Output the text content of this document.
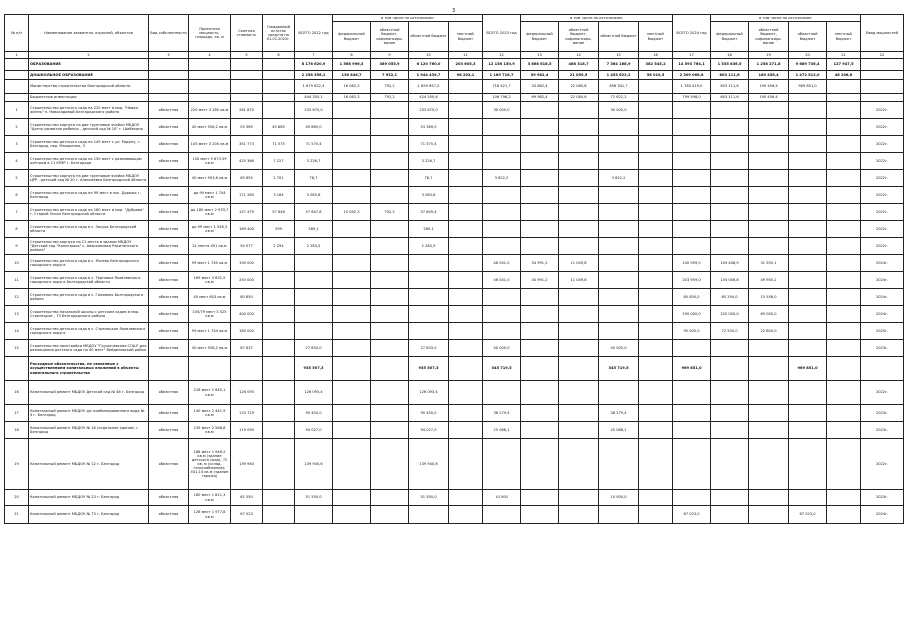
3
№ п/п	Наименование заявителя, отраслей, объектов	Вид собственности	Проектная мощность, площадь, кв. м	Сметная стоимость	Ожидаемый остаток средств на 01.01.2022г.	ВСЕГО 2022 год	в том числе по источникам:				ВСЕГО 2023 год	в том числе по источникам:				ВСЕГО 2024 год	в том числе по источникам:				Ввод мощностей
							федеральный бюджет	областной бюджет, софинансиро-вание	областной бюджет	местный бюджет		федеральный бюджет	областной бюджет, софинансиро-вание	областной бюджет	местный бюджет		федеральный бюджет	областной бюджет, софинансиро-вание	областной бюджет	местный бюджет	
1	2	3	4	5	6	7	8	9	10	11	12	13	14	15	16	17	18	19	20	21	22
	ОБРАЗОВАНИЕ					8 176 620,9	1 568 996,3	389 055,9	6 120 760,0	203 605,3	12 156 150,9	3 868 618,5	488 318,7	7 364 168,9	382 545,2	14 593 764,1	1 535 836,5	1 258 271,8	9 689 736,4	127 947,5	
	ДОШКОЛЬНОЕ ОБРАЗОВАНИЕ					2 258 556,1	138 846,7	7 932,1	1 944 439,7	98 202,1	1 189 718,7	59 982,4	21 059,5	1 453 622,2	56 010,5	2 309 068,8	803 111,6	180 456,4	1 472 512,0	48 208,8	
	Министерство строительства Белгородской области					1 879 622,4	16 062,3	792,2	1 859 857,0		718 421,7	33 882,4	22 080,8	658 341,7		1 763 419,0	603 111,6	190 456,4	969 851,0		
	Бюджетные инвестиции					444 355,1	16 062,3	792,2	424 550,6		106 796,2	69 982,4	22 080,6	72 622,2		799 598,0	603 111,6	190 456,4			
1	Строительство детского сада на 220 мест в мкр. "Новая жизнь" п. Новосадовый Белгородского района	областная	220 мест 3 285 кв.м	261 870		233 670,0			233 670,0		30 000,0			30 000,0							2022г.
2	Строительство корпуса на две групповые ячейки МБДОУ "Центр развития ребенка - детский сад № 10" г. Шебекино	областная	40 мест 556,2 кв.м	55 369	45 889	49 869,0			53 369,0												2022г.
3	Строительство детского сада на 145 мест с ул. Родину, г. Белгород, пер. Макаренко, 3	областная	145 мест 3 200 кв.м	351 773	71 575	71 575,4			71 575,4												2022г.
4	Строительство детского сада на 150 мест с развивающим центром в 11 ЮМР г. Белгорода	областная	150 мест 5 673,59 кв.м	425 366	7 227	3 226,7			3 226,7												2022г.
5	Строительство корпуса на две групповые ячейки МБДОУ ЦРР - детский сад № 20 г. Алексеевка Белгородской области	областная	40 мест 593,6 кв.м	65 855	2 701	78,7			78,7		3 822,2			3 822,2							2022г.
6	Строительство детского сада на 99 мест в пос. Дорожа г. Белгород	областная	до 99 мест 1 744 кв.м	171 285	3 184	3 083,8			3 083,8												2022г.
7	Строительство детского сада на 180 мест в мкр. "Дубрава" г. Старый Оскол Белгородской области	областная	до 180 мест 2 933,7 кв.м	157 479	57 648	57 647,8	15 092,3	792,2	57 849,4												2022г.
8	Строительство детского сада в с. Засуха Белгородской области	областная	до 99 мест 1 938,3 кв.м	169 400	299	289,1			289,1												2022г.
9	Строительство корпуса на 21 места в здании МБДОУ "Детский сад "Капитошка" с. Аверьяновка Ракитянского района"	областная	21 места 451 кв.м	50 077	2 294	2 283,5			2 283,5												2022г.
10	Строительство детского сада в с. Ячнево Белгородского городского округа	областная	99 мест 1 740 кв.м	190 000							46 041,0	34 991,2	11 049,8			140 959,0	109 408,9	31 550,1			2024г.
11	Строительство детского сада в с. Терновка Яковлевского городского округа Белгородской области	областная	189 мест 3 831,5 кв.м	250 000							46 041,0	34 991,2	11 049,8			203 959,0	154 008,8	49 950,2			2024г.
12	Строительство детского сада в с. Головино Белгородского района	областная	40 мест 603 кв.м	80 850												80 850,0	65 294,0	15 556,0			2024г.
13	Строительство начальной школы с детским садом в мкр. Стрелецкое - 73 Белгородского района	областная	100/79 мест 3 525 кв.м	400 000												290 000,0	220 000,0	69 000,0			2024г.
14	Строительство детского сада в с. Стрелецкое Яковлевского городского округа	областная	99 мест 1 744 кв.м	180 000												95 000,0	72 200,0	22 800,0			2025г.
15	Строительство пристройки МБДОУ "Грушачевская СОШ" для размещения детского сада на 40 мест" Вейделевский район	областная	40 мест 556,2 кв.м	67 837		27 833,0			27 833,0		40 000,0			40 000,0							2023г.
	Расходные обязательства, не связанные с осуществлением капитальных вложений в объекты капитального строительства					935 507,3			935 507,3		345 719,5			345 719,5		969 851,0			969 851,0		
16	Капитальный ремонт МБДОУ Детский сад № 48 г. Белгород	областная	218 мест 2 845,1 кв.м	126 093		126 093,4			126 093,4												2022г.
17	Капитальный ремонт МБДОУ д/с комбинированного вида № 3 г. Белгород	областная	140 мест 2 441,9 кв.м	133 729		95 450,0			95 450,0		38 279,4			38 279,4							2023г.
18	Капитальный ремонт МБДОУ № 16 (отдельное здание) г. Белгород	областная	135 мест 2 566,8 кв.м	119 095		94 027,0			94 027,0		25 068,1			25 068,1							2023г.
19	Капитальный ремонт МБДОУ № 12 г. Белгород	областная	168 мест 1 946,2 кв.м (здание детского сада); 72 кв. м (склад, газоснабжение); 441,14 кв.м (здание гаража)	139 940		139 940,6			139 940,6												2022г.
20	Капитальный ремонт МБДОУ № 23 г. Белгород	областная	160 мест 1 811,3 кв.м	61 550		51 550,0			51 550,0		10 000			10 000,0							2023г.
21	Капитальный ремонт МБДОУ № 73 г. Белгород	областная	126 мест 1 977,8 кв.м	67 023												67 023,0			67 023,0		2024г.
